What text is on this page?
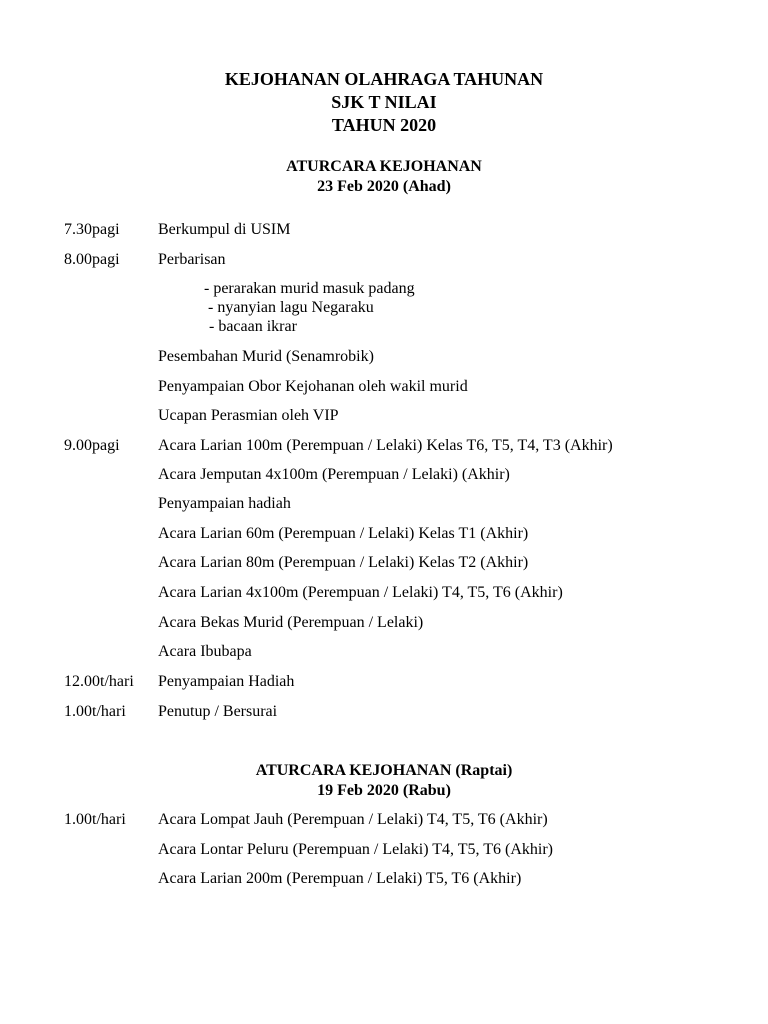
KEJOHANAN OLAHRAGA TAHUNAN
SJK T NILAI
TAHUN 2020
ATURCARA KEJOHANAN
23 Feb 2020 (Ahad)
7.30pagi Berkumpul di USIM
8.00pagi Perbarisan
- perarakan murid masuk padang
- nyanyian lagu Negaraku
- bacaan ikrar
Pesembahan Murid (Senamrobik)
Penyampaian Obor Kejohanan oleh wakil murid
Ucapan Perasmian oleh VIP
9.00pagi Acara Larian 100m (Perempuan / Lelaki) Kelas T6, T5, T4, T3 (Akhir)
Acara Jemputan 4x100m (Perempuan / Lelaki) (Akhir)
Penyampaian hadiah
Acara Larian 60m (Perempuan / Lelaki) Kelas T1 (Akhir)
Acara Larian 80m (Perempuan / Lelaki) Kelas T2 (Akhir)
Acara Larian 4x100m (Perempuan / Lelaki) T4, T5, T6 (Akhir)
Acara Bekas Murid (Perempuan / Lelaki)
Acara Ibubapa
12.00t/hari Penyampaian Hadiah
1.00t/hari Penutup / Bersurai
ATURCARA KEJOHANAN (Raptai)
19 Feb 2020 (Rabu)
1.00t/hari Acara Lompat Jauh (Perempuan / Lelaki) T4, T5, T6 (Akhir)
Acara Lontar Peluru (Perempuan / Lelaki) T4, T5, T6 (Akhir)
Acara Larian 200m (Perempuan / Lelaki) T5, T6 (Akhir)
